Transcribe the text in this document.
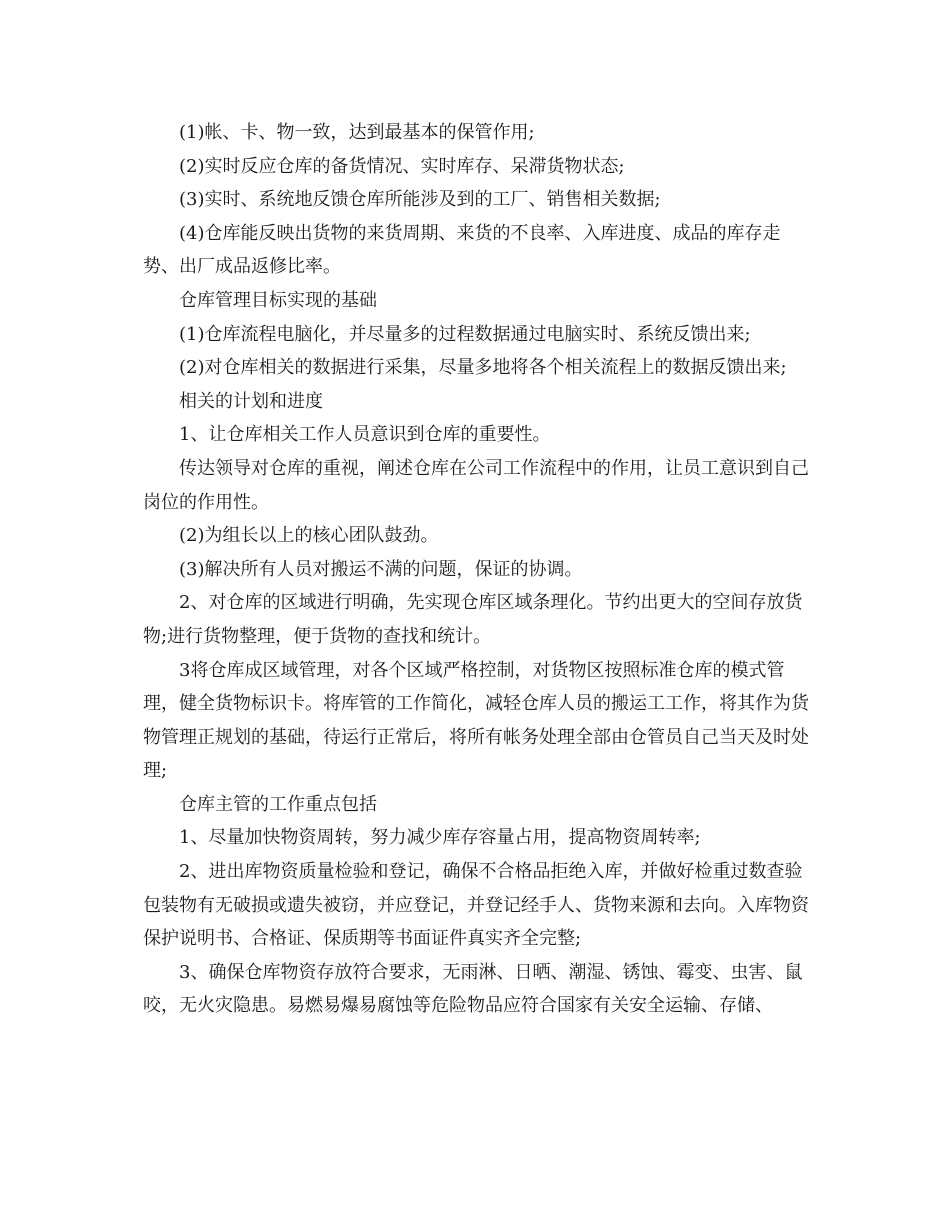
(1)帐、卡、物一致，达到最基本的保管作用;

(2)实时反应仓库的备货情况、实时库存、呆滞货物状态;

(3)实时、系统地反馈仓库所能涉及到的工厂、销售相关数据;

(4)仓库能反映出货物的来货周期、来货的不良率、入库进度、成品的库存走势、出厂成品返修比率。

仓库管理目标实现的基础

(1)仓库流程电脑化，并尽量多的过程数据通过电脑实时、系统反馈出来;

(2)对仓库相关的数据进行采集，尽量多地将各个相关流程上的数据反馈出来;

相关的计划和进度

1、让仓库相关工作人员意识到仓库的重要性。

传达领导对仓库的重视，阐述仓库在公司工作流程中的作用，让员工意识到自己岗位的作用性。

(2)为组长以上的核心团队鼓劲。

(3)解决所有人员对搬运不满的问题，保证的协调。

2、对仓库的区域进行明确，先实现仓库区域条理化。节约出更大的空间存放货物;进行货物整理，便于货物的查找和统计。

3将仓库成区域管理，对各个区域严格控制，对货物区按照标准仓库的模式管理，健全货物标识卡。将库管的工作简化，减轻仓库人员的搬运工工作，将其作为货物管理正规划的基础，待运行正常后，将所有帐务处理全部由仓管员自己当天及时处理;

仓库主管的工作重点包括

1、尽量加快物资周转，努力减少库存容量占用，提高物资周转率;

2、进出库物资质量检验和登记，确保不合格品拒绝入库，并做好检重过数查验包装物有无破损或遗失被窃，并应登记，并登记经手人、货物来源和去向。入库物资保护说明书、合格证、保质期等书面证件真实齐全完整;

3、确保仓库物资存放符合要求，无雨淋、日晒、潮湿、锈蚀、霉变、虫害、鼠咬，无火灾隐患。易燃易爆易腐蚀等危险物品应符合国家有关安全运输、存储、
